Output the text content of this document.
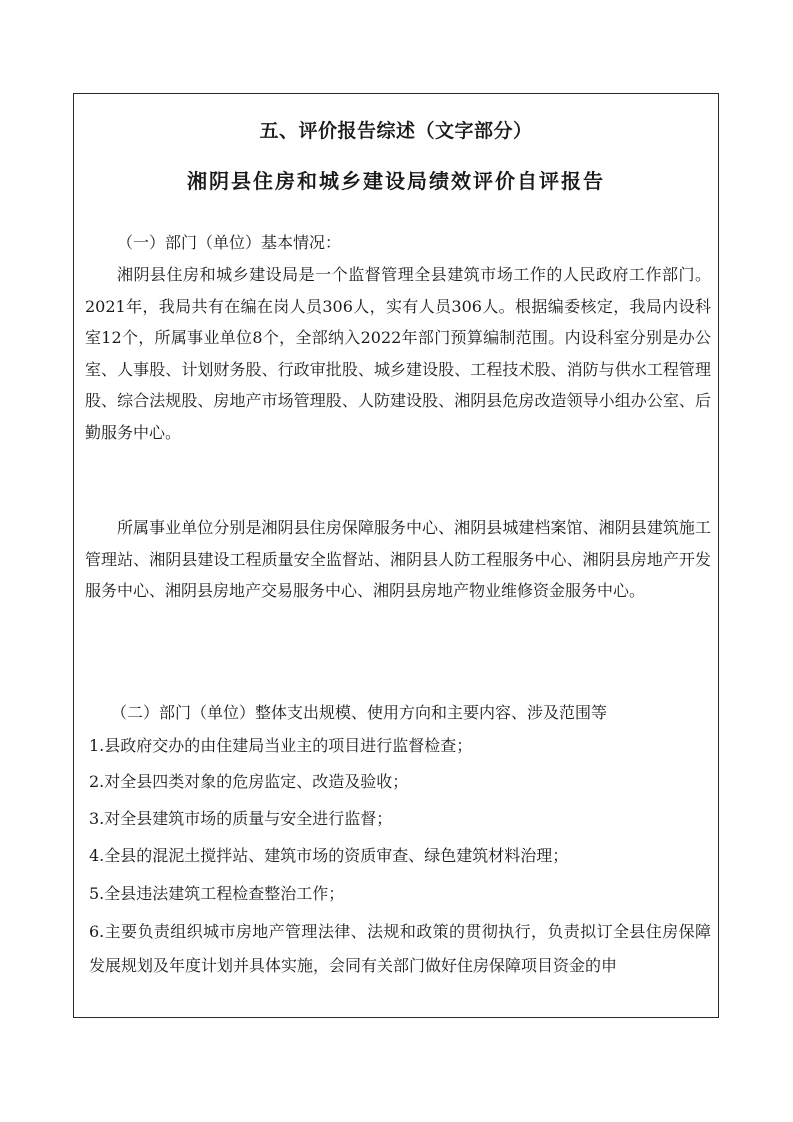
五、评价报告综述（文字部分）
湘阴县住房和城乡建设局绩效评价自评报告

（一）部门（单位）基本情况：

湘阴县住房和城乡建设局是一个监督管理全县建筑市场工作的人民政府工作部门。2021年，我局共有在编在岗人员306人，实有人员306人。根据编委核定，我局内设科室12个，所属事业单位8个，全部纳入2022年部门预算编制范围。内设科室分别是办公室、人事股、计划财务股、行政审批股、城乡建设股、工程技术股、消防与供水工程管理股、综合法规股、房地产市场管理股、人防建设股、湘阴县危房改造领导小组办公室、后勤服务中心。

所属事业单位分别是湘阴县住房保障服务中心、湘阴县城建档案馆、湘阴县建筑施工管理站、湘阴县建设工程质量安全监督站、湘阴县人防工程服务中心、湘阴县房地产开发服务中心、湘阴县房地产交易服务中心、湘阴县房地产物业维修资金服务中心。

（二）部门（单位）整体支出规模、使用方向和主要内容、涉及范围等

1.县政府交办的由住建局当业主的项目进行监督检查；

2.对全县四类对象的危房监定、改造及验收；

3.对全县建筑市场的质量与安全进行监督；

4.全县的混泥土搅拌站、建筑市场的资质审查、绿色建筑材料治理；

5.全县违法建筑工程检查整治工作；

6.主要负责组织城市房地产管理法律、法规和政策的贯彻执行，负责拟订全县住房保障发展规划及年度计划并具体实施，会同有关部门做好住房保障项目资金的申
